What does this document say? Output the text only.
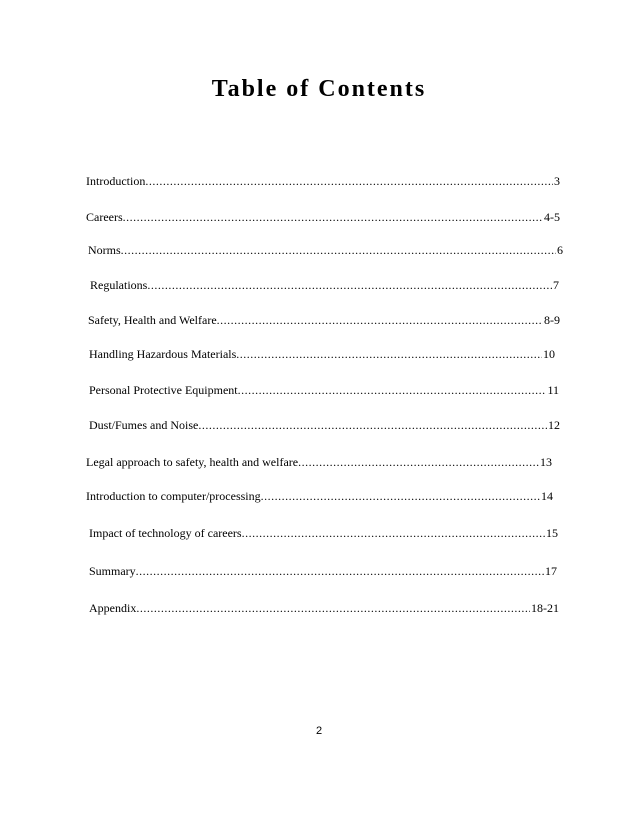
Table of Contents
Introduction .....	3
Careers .....	4-5
Norms .....	6
Regulations .....	7
Safety, Health and Welfare .....	8-9
Handling Hazardous Materials .....	10
Personal Protective Equipment .....	11
Dust/Fumes and Noise .....	12
Legal approach to safety, health and welfare .....	13
Introduction to computer/processing .....	14
Impact of technology of careers .....	15
Summary .....	17
Appendix .....	18-21
2
